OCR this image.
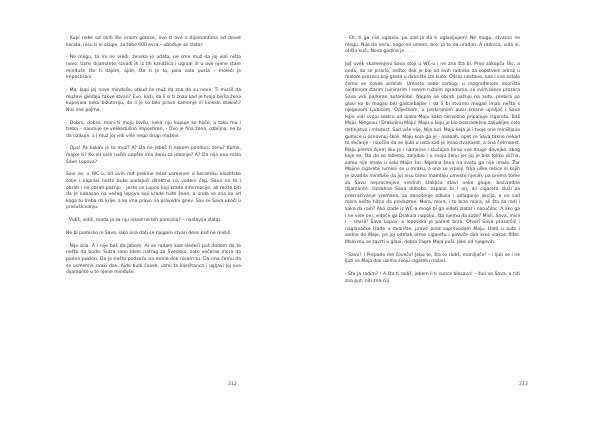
- Kupi neke od ovih što imam gotove, evo ti ove s dijamantima od devet karata, nisu ti ni skupe, za tebe 600 evra – ubeđuje se zlatar.

- Ne mogu, to mi ne vredi, ženska je udata, ne sme muž da joj vidi ništa novo. Uzmi dijamante, izvadi ih iz tih kandžica i ugradi ih u ove njene stare minđuše što ti dajem, ajde, šta ti je to, pola sata posla – moleći je impostirani.

- Ma, kupi joj nove minđuše, otkud će muž da zna da su nove. Ti misliš da muževi gledaju takve stvari? Evo, kaži, da li si ti znao kad je tvoja bivša žena kupovala neku bižuteriju, da li je to bilo pravo kamenje ili kineski staklići? Nisi ime pojma.

- Dobro, dobro, mani ti moju bivšu, neka nju kupuje ko hoće, a tako mu i treba – naumije se velikodušno impostiran. - Ovo je fina žena, ozbiljna, ne bi da rizikuje, a i muž joj vidi više nego drugi muževi.

- Opa! Pa kakav je to muž? A? Da ne jebeš ti nekom panduru ženu? Kome, majke ti? Ko od ovih naših uopšte ima ženu za jebanje? A? Da nije ona mala Save Lopova?

Savi se, u WC-u, od ovih ređ prekine mlaz usmenen u keramiku klozetske šolje i naprasi nešto buke padajući direktno na vodeni čep. Sava na to i obrati i ne obrati pažnju – jeste on Lopov koji krade informacije, ali može biti da je nabasao na većeg lopova koji krade tuđe žene, a onda se zna ko od koga tu treba da krije, a ko ima pravo na pravedni gnev. Sav se Sava ukoči u prisluškivanju.

- Vidiš, vidiš, mada ja za nju nikad ne bih pomislio? – nastavlja zlatar.

Ne bi pomislio ni Sava, iako ona dati se najgore stvari dese kad ne misliš.

- Nije ona. A i nije baš da jebem. Al se radam kad sledeći put dođem da te nešto da bude. Sutra rano idem natrag za Švedsku, zato večeras mora da padne poklon. Da je nešto podseća na mene dok nisam tu. Da ima čemu da se osmehne svaki dan. Ajde budi čovek, uzmi ta kljelštanca i ugljavi joj ove dijamante u te njene minđuše.

212

- Eh, ti ga nisi uglavio, pa sad ja da ti uglavljujem! Ne mogu, stvarno ne mogu. Nije da neću, nego ne umem, bre, ja to da uradim. A radnica, vido si, otišla kući, Nova godina je . . .

Još uvek skamenjeni Sava stoji u WC-u i ne zna šta bi. Prvo zakopča šlic, a onda, da se prikrio, nešto, dok je bio od ovih radnika za sopstveni odraz u malom prozoru koji gleda u dvorište iza kuće. Odraz nestane, kao i sve ostalo čemu se čovek priblidi. Umesto sebe samog, u razgrađenom dvorišta oviđenom starim ruinirarim i novim ružnim zgradama, sa svim bleso prozora Sava vidi parkiran automobil. Najpre ne obrati pažnju na auto, prebira po glavi ko bi mogao biti gastarbajter i da li bi stvarno mogao imati nešto s njegovom Ljubicom. Odjednom, u parkiranom autu kresne upaljač i Sava lepo vidi svoju sestru od ujaka Maju kako nervozno pripaljuje cigaretu. Baš Maju. Njegovu i Drakulinu Maju! Maju u koju je bio beznadežno zaljubljen celo detinjstvo i mladost. Sad više nije. Nije lud. Maju koja je i tvoje one minišljave gumice u osnovnoj školi. Maju koja ga je - aaaaah, opet se Sava takne nekad to sećanje - naučila da se ljubi u usta kad je imao dvanaest, a ona četrnaest. Maju prema čijem liku je i namerno i slučajno birao sve druge devojke, zbog koje se, šta da se lažemo, zaljubio i u svoju ženu jer joj je bila toliko slična, samo nije imala u sebi Majin žar. Nijedna žena na svetu ga nije imala. Žar Majine cigarete rumeni se u mraku, a ona se vrpolji, trlja uške resice ili kojih je izvadila minđuše da joj nisu tamo mamlaju umesto njenih, pa prema tome za Savu neprocenjivo vrednih staklića stavi neke glupe, bezvredne dijamante. Uzdahne Sava duboko, zapalio bi i on, ali cigareta služi za prekračivanje vremena, za donošenje odluka i odlaganje akcija, a on sad mora nešto hitno da preduzme. Mora, mora, i to brzo mora, ali šta da radi i kako da radi? Ako izađe iz WC-a mogli bi ga videti zlatar i naručilac. A ako ga i ne vide oni, videće ga Drakula napolju, šta njemu da kaže? Misli, Sava, misli i – smisli! Sava Lopov, a lopovska je pamet brza. Otvori Sava prozorčić i naglavačke izađe u dvorište, pravo pred saprovodom Maju. Uleti u auto i sedne do Maje, pa joj odmah otme cigaretu i povuče dim kroz vlakan filter. Malo mu se zavrti u glavi, dobro čagre Maja puši, jake od njegovih.

- Savo? ! Prepade me čoveče! Jebo te, šta to radiš, maniljače! – i ljuti se i ne ljuti se Maja dok uzima svoju cigaretu nazad.

- Šta ja radim? ! A šta ti radiš, jebem li ti sunce blesavo! – žuri se Sava, a niti zna put, niti zna cilj.

213
